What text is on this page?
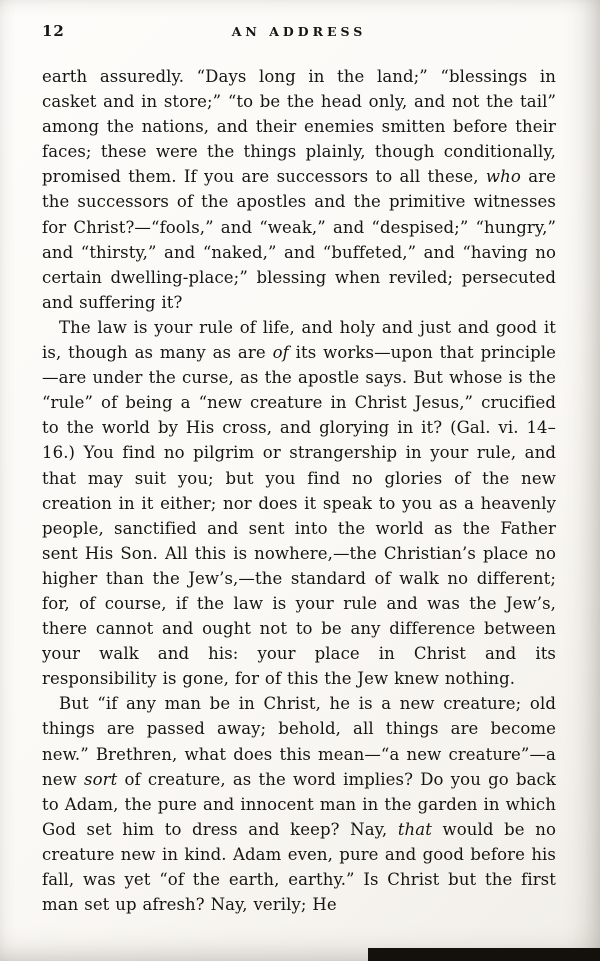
12	AN ADDRESS

earth assuredly. “Days long in the land;” “blessings in casket and in store;” “to be the head only, and not the tail” among the nations, and their enemies smitten before their faces; these were the things plainly, though conditionally, promised them. If you are successors to all these, who are the successors of the apostles and the primitive witnesses for Christ?—“fools,” and “weak,” and “despised;” “hungry,” and “thirsty,” and “naked,” and “buffeted,” and “having no certain dwelling-place;” blessing when reviled; persecuted and suffering it?

The law is your rule of life, and holy and just and good it is, though as many as are of its works—upon that principle—are under the curse, as the apostle says. But whose is the “rule” of being a “new creature in Christ Jesus,” crucified to the world by His cross, and glorying in it? (Gal. vi. 14–16.) You find no pilgrim or strangership in your rule, and that may suit you; but you find no glories of the new creation in it either; nor does it speak to you as a heavenly people, sanctified and sent into the world as the Father sent His Son. All this is nowhere,—the Christian’s place no higher than the Jew’s,—the standard of walk no different; for, of course, if the law is your rule and was the Jew’s, there cannot and ought not to be any difference between your walk and his: your place in Christ and its responsibility is gone, for of this the Jew knew nothing.

But “if any man be in Christ, he is a new creature; old things are passed away; behold, all things are become new.” Brethren, what does this mean—“a new creature”—a new sort of creature, as the word implies? Do you go back to Adam, the pure and innocent man in the garden in which God set him to dress and keep? Nay, that would be no creature new in kind. Adam even, pure and good before his fall, was yet “of the earth, earthy.” Is Christ but the first man set up afresh? Nay, verily; He
